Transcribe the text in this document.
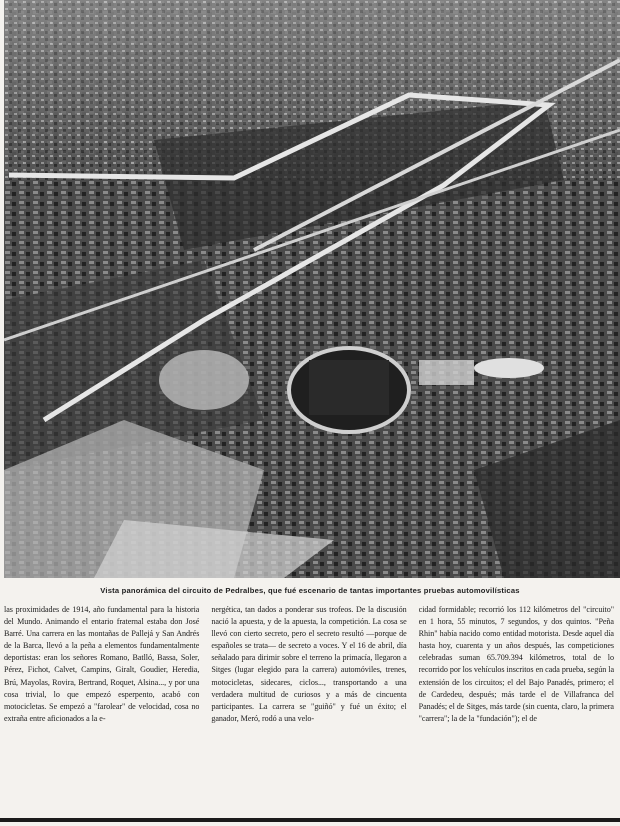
Vista panorámica del circuito de Pedralbes, que fué escenario de tantas importantes pruebas automovilísticas
las proximidades de 1914, año fundamental para la historia del Mundo. Animando el entario fraternal estaba don José Barré. Una carrera en las montañas de Pallejá y San Andrés de la Barca, llevó a la peña a elementos fundamentalmente deportistas: eran los señores Romano, Batlló, Bassa, Soler, Pérez, Fichot, Calvet, Campins, Giralt, Goudier, Heredia, Brú, Mayolas, Rovira, Bertrand, Roquet, Alsina..., y por una cosa trivial, lo que empezó esperpento, acabó con motocicletas. Se empezó a "farolear" de velocidad, cosa no extraña entre aficionados a la e-
nergética, tan dados a ponderar sus trofeos. De la discusión nació la apuesta, y de la apuesta, la competición. La cosa se llevó con cierto secreto, pero el secreto resultó —porque de españoles se trata— de secreto a voces. Y el 16 de abril, día señalado para dirimir sobre el terreno la primacía, llegaron a Sitges (lugar elegido para la carrera) automóviles, trenes, motocicletas, sidecares, ciclos..., transportando a una verdadera multitud de curiosos y a más de cincuenta participantes. La carrera se "guiñó" y fué un éxito; el ganador, Meró, rodó a una velo-
cidad formidable; recorrió los 112 kilómetros del "circuito" en 1 hora, 55 minutos, 7 segundos, y dos quintos. "Peña Rhin" había nacido como entidad motorista. Desde aquel día hasta hoy, cuarenta y un años después, las competiciones celebradas suman 65.709.394 kilómetros, total de lo recorrido por los vehículos inscritos en cada prueba, según la extensión de los circuitos; el del Bajo Panadés, primero; el de Cardedeu, después; más tarde el de Villafranca del Panadés; el de Sitges, más tarde (sin cuenta, claro, la primera "carrera"; la de la "fundación"); el de
